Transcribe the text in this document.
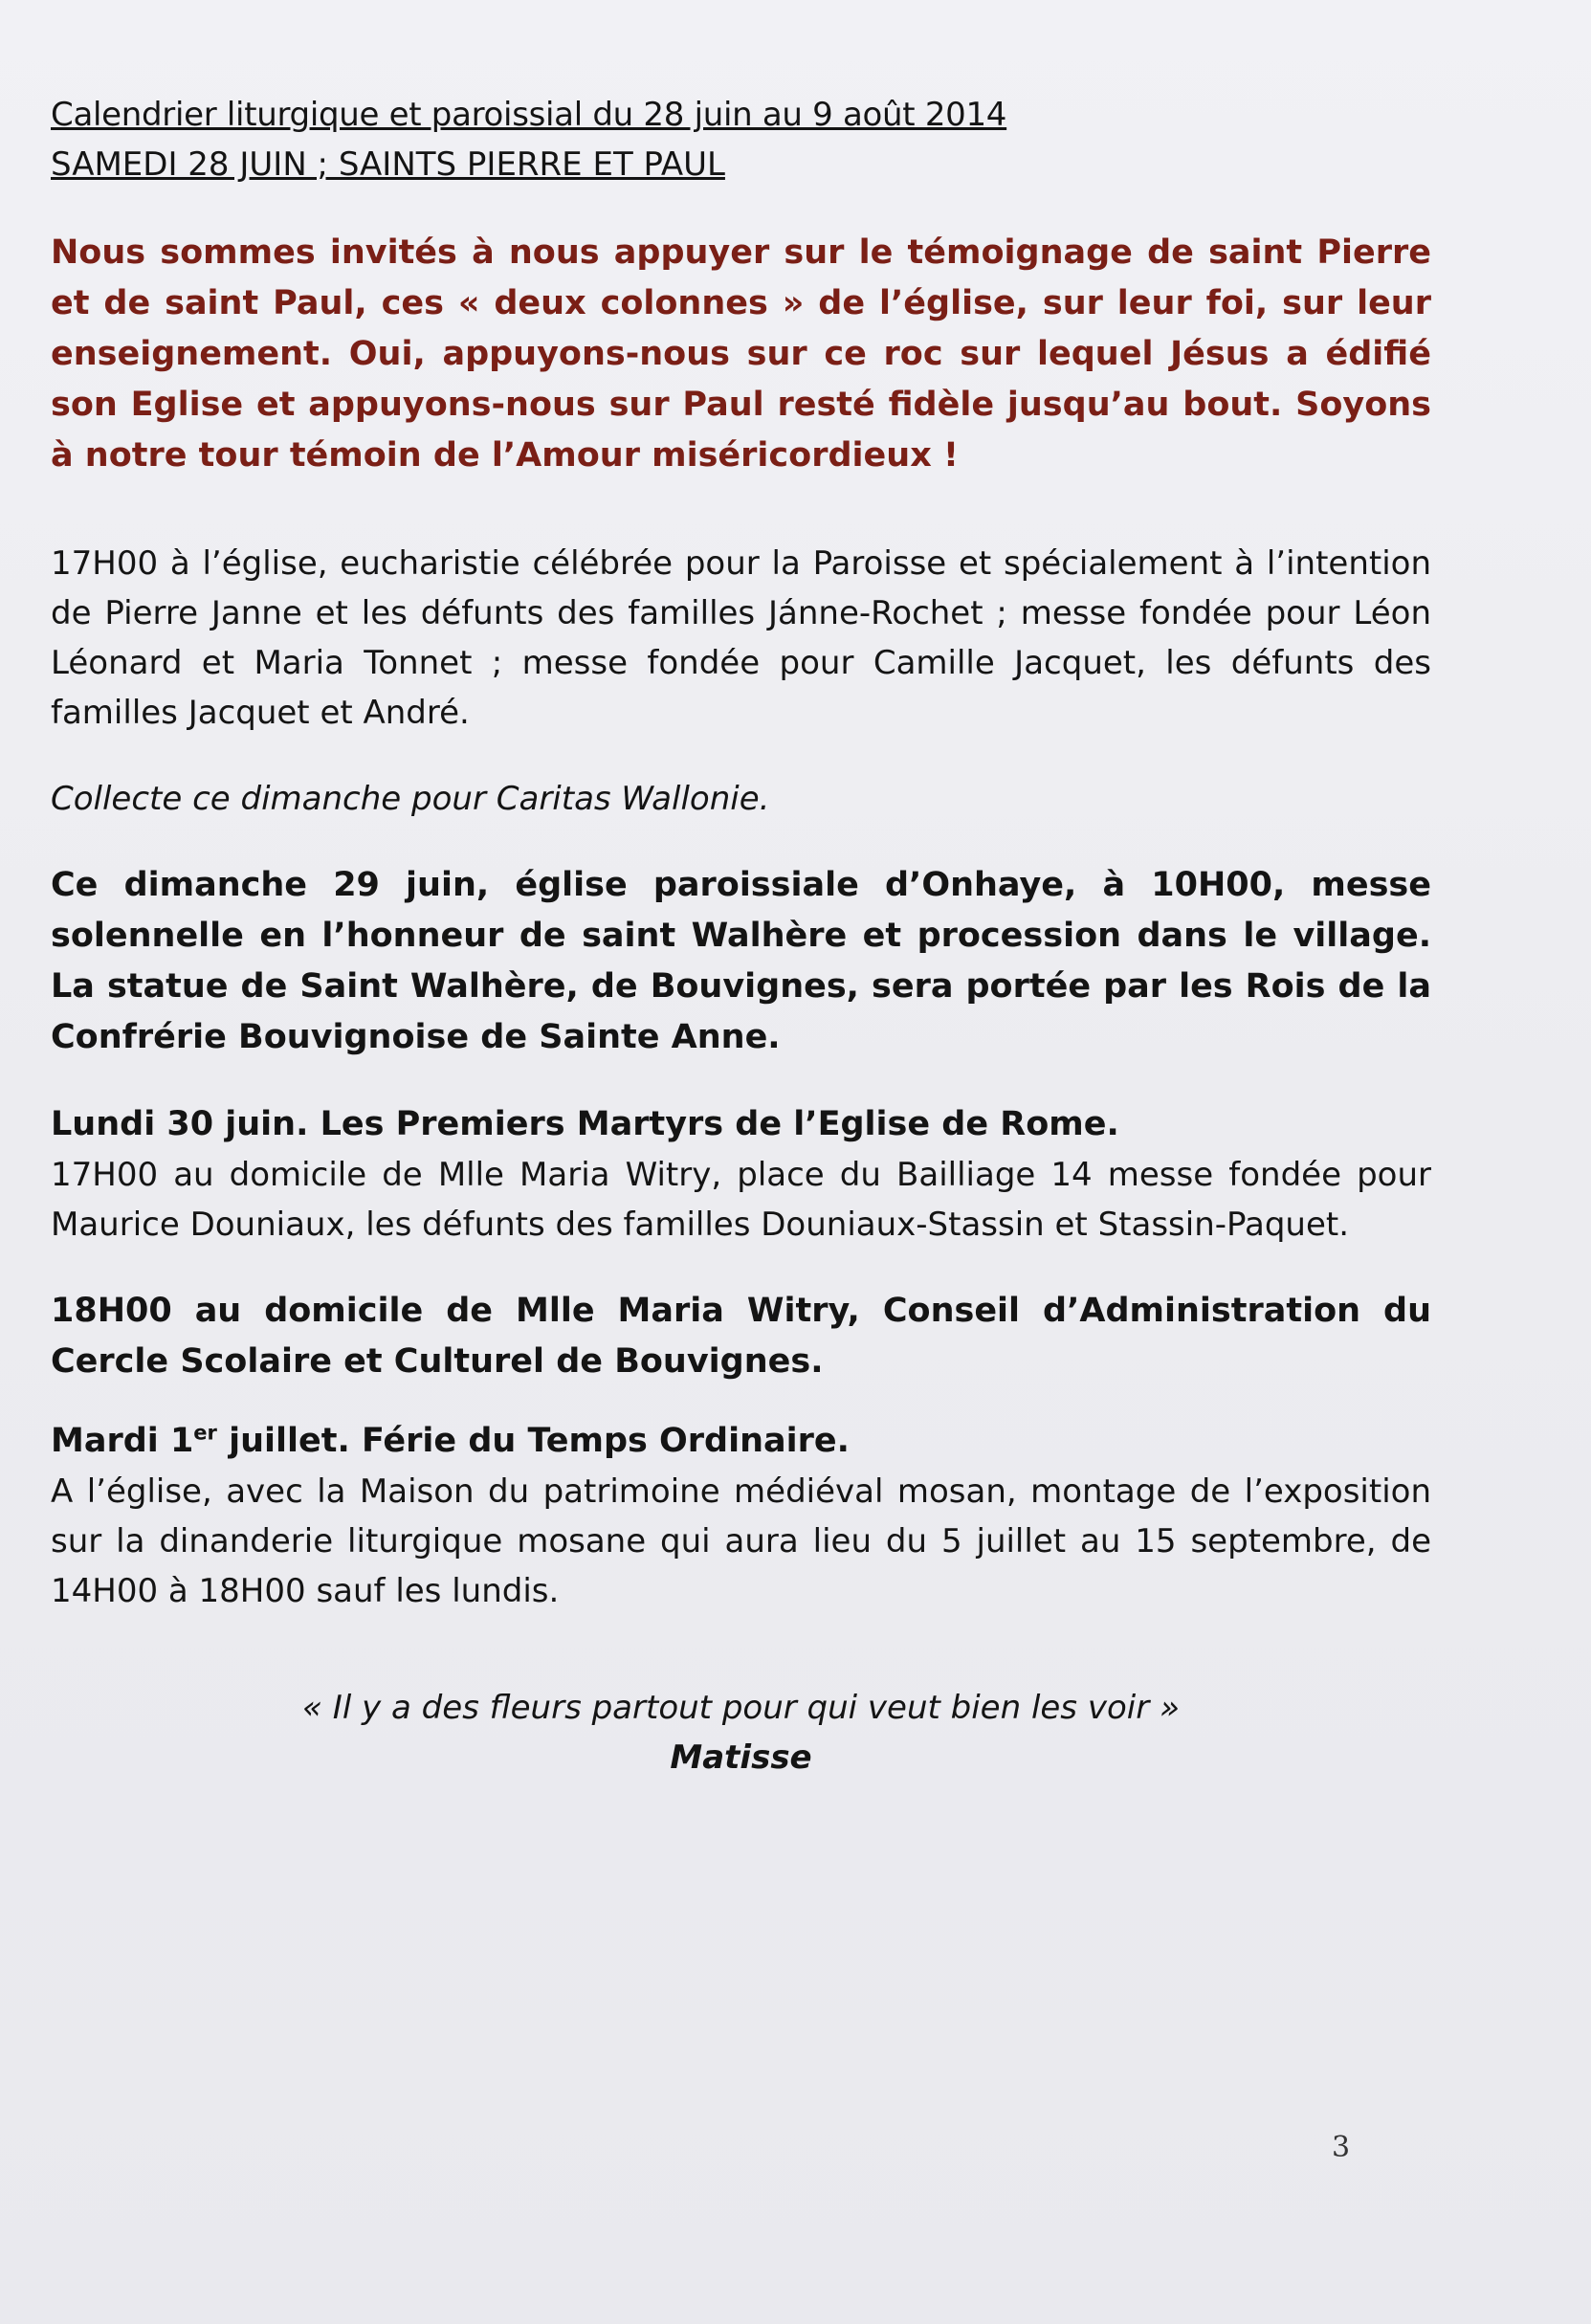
Calendrier liturgique et paroissial du 28 juin au 9 août 2014
SAMEDI 28 JUIN ; SAINTS PIERRE ET PAUL

Nous sommes invités à nous appuyer sur le témoignage de saint Pierre et de saint Paul, ces « deux colonnes » de l’église, sur leur foi, sur leur enseignement. Oui, appuyons-nous sur ce roc sur lequel Jésus a édifié son Eglise et appuyons-nous sur Paul resté fidèle jusqu’au bout. Soyons à notre tour témoin de l’Amour miséricordieux !

17H00 à l’église, eucharistie célébrée pour la Paroisse et spécialement à l’intention de Pierre Janne et les défunts des familles Jánne-Rochet ; messe fondée pour Léon Léonard et Maria Tonnet ; messe fondée pour Camille Jacquet, les défunts des familles Jacquet et André.

Collecte ce dimanche pour Caritas Wallonie.

Ce dimanche 29 juin, église paroissiale d’Onhaye, à 10H00, messe solennelle en l’honneur de saint Walhère et procession dans le village. La statue de Saint Walhère, de Bouvignes, sera portée par les Rois de la Confrérie Bouvignoise de Sainte Anne.

Lundi 30 juin. Les Premiers Martyrs de l’Eglise de Rome.

17H00 au domicile de Mlle Maria Witry, place du Bailliage 14 messe fondée pour Maurice Douniaux, les défunts des familles Douniaux-Stassin et Stassin-Paquet.

18H00 au domicile de Mlle Maria Witry, Conseil d’Administration du Cercle Scolaire et Culturel de Bouvignes.

Mardi 1er juillet. Férie du Temps Ordinaire.

A l’église, avec la Maison du patrimoine médiéval mosan, montage de l’exposition sur la dinanderie liturgique mosane qui aura lieu du 5 juillet au 15 septembre, de 14H00 à 18H00 sauf les lundis.

« Il y a des fleurs partout pour qui veut bien les voir »

Matisse

3
